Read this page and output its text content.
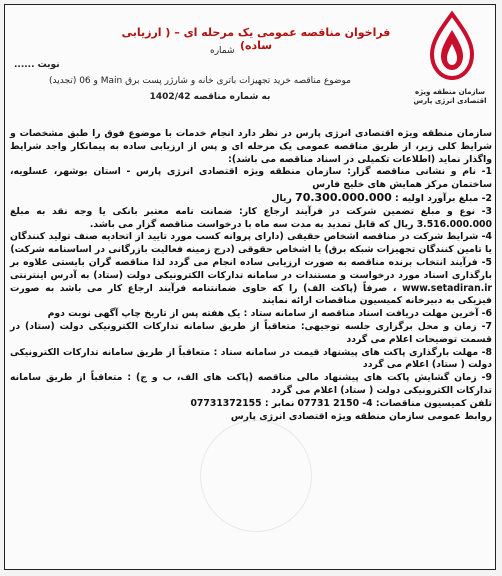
سازمان منطقه ویژه اقتصادی انرژی پارس
فراخوان مناقصه عمومی یک مرحله ای – ( ارزیابی ساده)
شماره
نوبت ......
موضوع مناقصه خرید تجهیزات باتری خانه و شارژر پست برق Main و 06 (تجدید)
به شماره مناقصه 1402/42

سازمان منطقه ویژه اقتصادی انرژی پارس در نظر دارد انجام خدمات با موضوع فوق را طبق مشخصات و شرایط کلی زیر، از طریق مناقصه عمومی یک مرحله ای و پس از ارزیابی ساده به پیمانکار واجد شرایط واگذار نماید (اطلاعات تکمیلی در اسناد مناقصه می باشد):

1- نام و نشانی مناقصه گزار: سازمان منطقه ویژه اقتصادی انرژی پارس - استان بوشهر، عسلویه، ساختمان مرکز همایش های خلیج فارس

2- مبلغ برآورد اولیه : 70.300.000.000 ریال

3- نوع و مبلغ تضمین شرکت در فرآیند ارجاع کار: ضمانت نامه معتبر بانکی یا وجه نقد به مبلغ 3.516.000.000 ریال که قابل تمدید به مدت سه ماه با درخواست مناقصه گزار می باشد.

4- شرایط شرکت در مناقصه اشخاص حقیقی (دارای پروانه کسب مورد تایید از اتحادیه صنف تولید کنندگان یا تامین کنندگان تجهیزات شبکه برق) یا اشخاص حقوقی (درج زمینه فعالیت بازرگانی در اساسنامه شرکت)

5- فرآیند انتخاب برنده مناقصه به صورت ارزیابی ساده انجام می گردد لذا مناقصه گران بایستی علاوه بر بارگذاری اسناد مورد درخواست و مستندات در سامانه تدارکات الکترونیکی دولت (ستاد) به آدرس اینترنتی www.setadiran.ir ، صرفاً (پاکت الف) را که حاوی ضمانتنامه فرآیند ارجاع کار می باشد به صورت فیزیکی به دبیرخانه کمیسیون مناقصات ارائه نمایند

6- آخرین مهلت دریافت اسناد مناقصه از سامانه ستاد : یک هفته پس از تاریخ چاپ آگهی نوبت دوم

7- زمان و محل برگزاری جلسه توجیهی: متعاقباً از طریق سامانه تدارکات الکترونیکی دولت (ستاد) در قسمت توضیحات اعلام می گردد

8- مهلت بارگذاری پاکت های پیشنهاد قیمت در سامانه ستاد : متعاقباً از طریق سامانه تدارکات الکترونیکی دولت ( ستاد) اعلام می گردد

9- زمان گشایش پاکت های پیشنهاد مالی مناقصه (پاکت های الف، ب و ج) : متعاقباً از طریق سامانه تدارکات الکترونیکی دولت ( ستاد) اعلام می گردد

تلفن کمیسیون مناقصات: 4- 2150 07731 نمابر : 07731372155

روابط عمومی سازمان منطقه ویژه اقتصادی انرژی پارس
